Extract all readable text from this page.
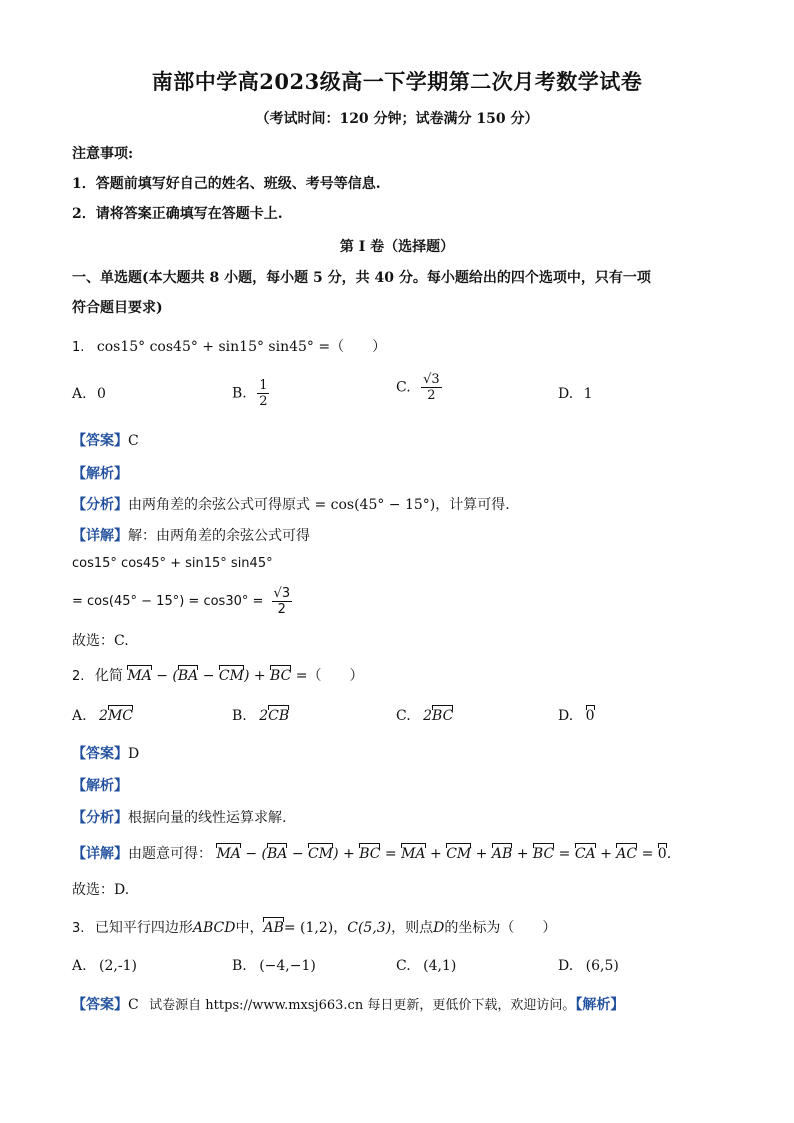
南部中学高2023级高一下学期第二次月考数学试卷
（考试时间：120 分钟；试卷满分 150 分）
注意事项:
1．答题前填写好自己的姓名、班级、考号等信息.
2．请将答案正确填写在答题卡上.
第 I 卷（选择题）
一、单选题(本大题共 8 小题，每小题 5 分，共 40 分。每小题给出的四个选项中，只有一项
符合题目要求)
1. cos15° cos45° + sin15° sin45° =（　　）
A. 0	B. $\frac{1}{2}$	C. $\frac{√3}{2}$	D. 1
【答案】C
【解析】
【分析】由两角差的余弦公式可得原式 = cos(45° − 15°)，计算可得.
【详解】解：由两角差的余弦公式可得
cos15° cos45° + sin15° sin45°
= $\cos(45^\circ - 15^\circ) = \cos 30^\circ = \frac{√3}{2}$
故选：C.
2. 化简 MA − (BA − CM) + BC =（　　）
A. 2MC	B. 2CB	C. 2BC	D. 0
【答案】D
【解析】
【分析】根据向量的线性运算求解.
【详解】由题意可得： MA − (BA − CM) + BC = MA + CM + AB + BC = CA + AC = 0.
故选：D.
3. 已知平行四边形ABCD中，AB= (1,2)，C(5,3)，则点D的坐标为（　　）
A. (2,-1)	B. (−4,−1)	C. (4,1)	D. (6,5)
【答案】C 试卷源自 https://www.mxsj663.cn 每日更新，更低价下载，欢迎访问。【解析】
